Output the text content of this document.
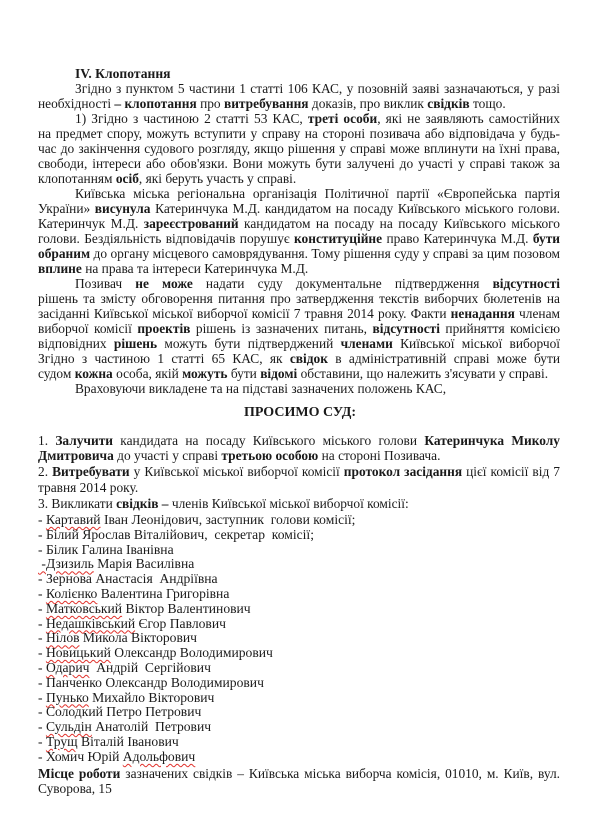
IV. Клопотання
Згідно з пунктом 5 частини 1 статті 106 КАС, у позовній заяві зазначаються, у разі
необхідності – клопотання про витребування доказів, про виклик свідків тощо.
1) Згідно з частиною 2 статті 53 КАС, треті особи, які не заявляють самостійних
на предмет спору, можуть вступити у справу на стороні позивача або відповідача у будь-
час до закінчення судового розгляду, якщо рішення у справі може вплинути на їхні права,
свободи, інтереси або обов'язки. Вони можуть бути залучені до участі у справі також за
клопотанням осіб, які беруть участь у справі.
Київська міська регіональна організація Політичної партії «Європейська партія
України» висунула Катеринчука М.Д. кандидатом на посаду Київського міського голови.
Катеринчук М.Д. зареєстрований кандидатом на посаду на посаду Київського міського
голови. Бездіяльність відповідачів порушує конституційне право Катеринчука М.Д. бути
обраним до органу місцевого самоврядування. Тому рішення суду у справі за цим позовом
вплине на права та інтереси Катеринчука М.Д.
Позивач не може надати суду документальне підтвердження відсутності
рішень та змісту обговорення питання про затвердження текстів виборчих бюлетенів на
засіданні Київської міської виборчої комісії 7 травня 2014 року. Факти ненадання членам
виборчої комісії проектів рішень із зазначених питань, відсутності прийняття комісією
відповідних рішень можуть бути підтверджений членами Київської міської виборчої
Згідно з частиною 1 статті 65 КАС, як свідок в адміністративній справі може бути
судом кожна особа, якій можуть бути відомі обставини, що належить з'ясувати у справі.
Враховуючи викладене та на підставі зазначених положень КАС,
ПРОСИМО СУД:
1. Залучити кандидата на посаду Київського міського голови Катеринчука Миколу
Дмитровича до участі у справі третьою особою на стороні Позивача.
2. Витребувати у Київської міської виборчої комісії протокол засідання цієї комісії від 7
травня 2014 року.
3. Викликати свідків – членів Київської міської виборчої комісії:
- Картавий Іван Леонідович, заступник  голови комісії;
- Білий Ярослав Віталійович,  секретар  комісії;
- Білик Галина Іванівна
-Дзизиль Марія Василівна
- Зернова Анастасія  Андріївна
- Колієнко Валентина Григорівна
- Матковський Віктор Валентинович
- Недашківський Єгор Павлович
- Нілов Микола Вікторович
- Новицький Олександр Володимирович
- Одарич  Андрій  Сергійович
- Панченко Олександр Володимирович
- Пунько Михайло Вікторович
- Солодкий Петро Петрович
- Сульдін Анатолій  Петрович
- Трущ Віталій Іванович
- Хомич Юрій Адольфович
Місце роботи зазначених свідків – Київська міська виборча комісія, 01010, м. Київ, вул.
Суворова, 15
